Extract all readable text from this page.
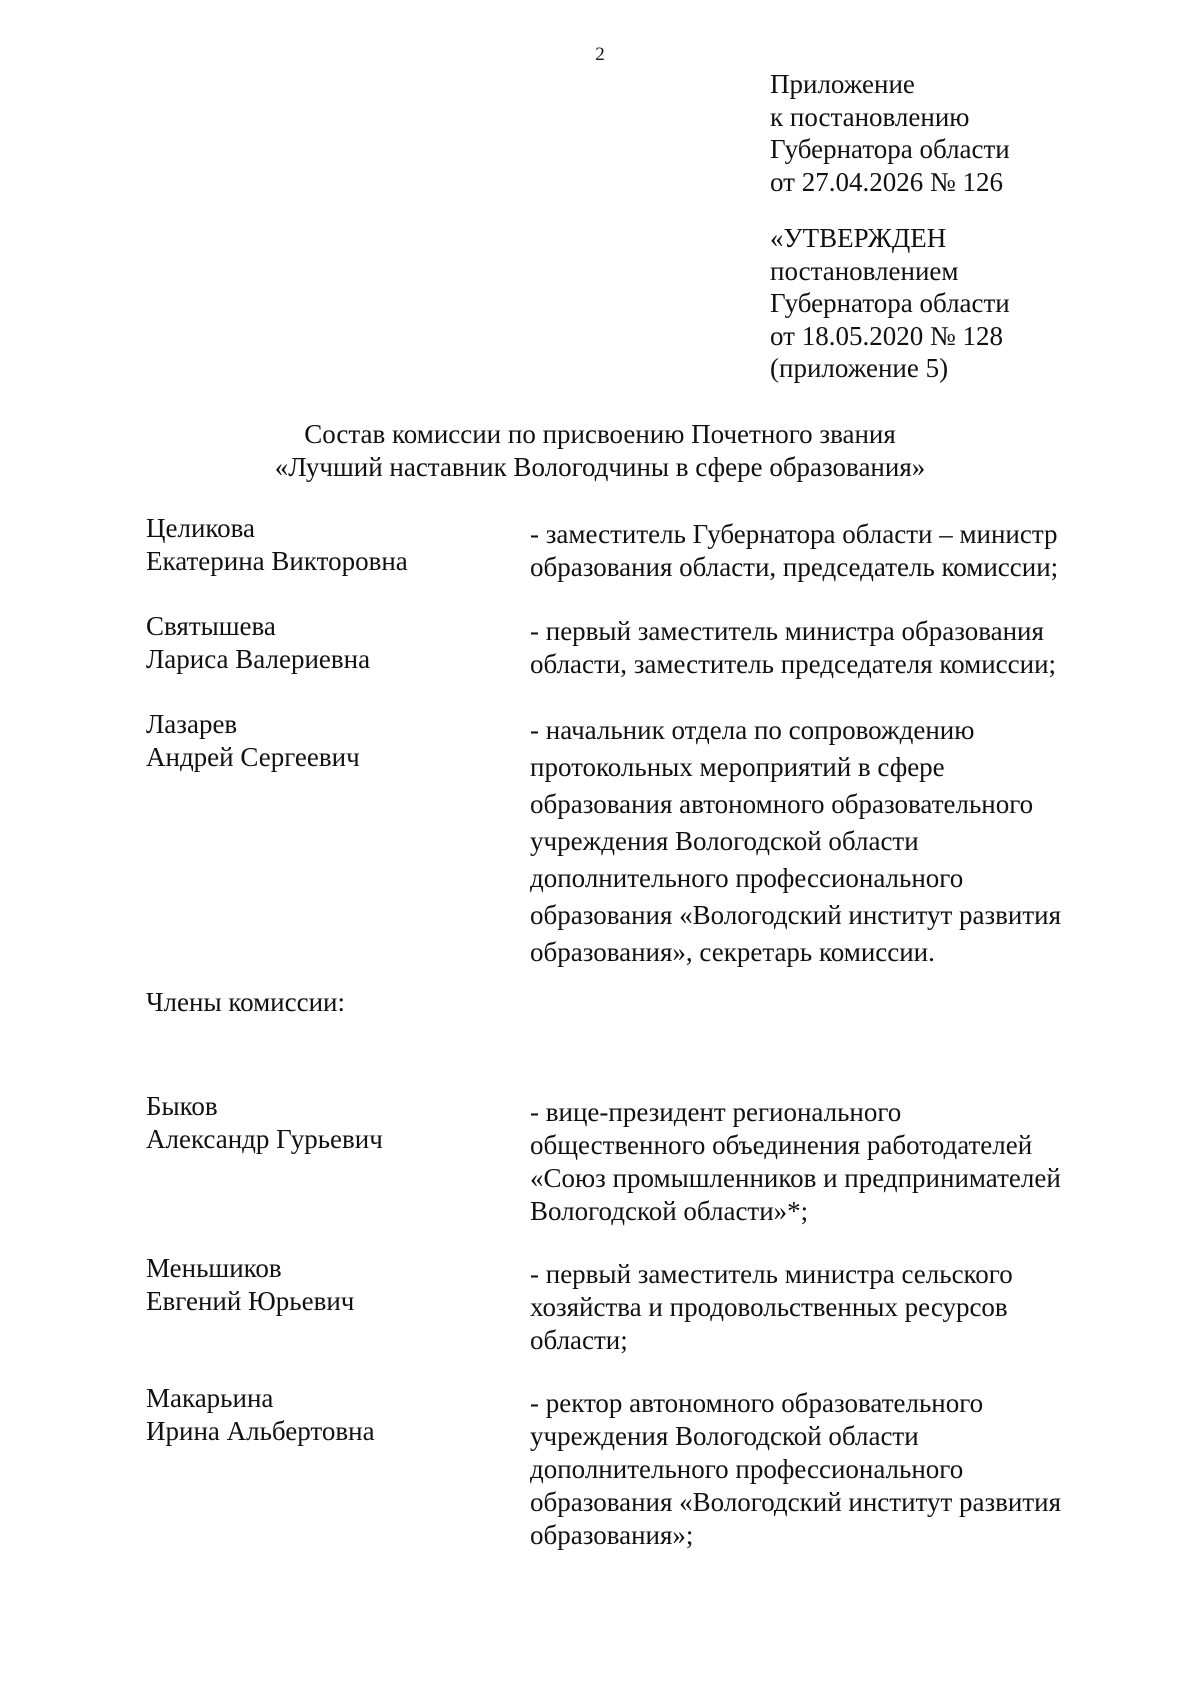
2
Приложение
к постановлению
Губернатора области
от 27.04.2026 № 126
«УТВЕРЖДЕН
постановлением
Губернатора области
от 18.05.2020 № 128
(приложение 5)
Состав комиссии по присвоению Почетного звания
«Лучший наставник Вологодчины в сфере образования»
Целикова
Екатерина Викторовна
- заместитель Губернатора области – министр
образования области, председатель комиссии;
Святышева
Лариса Валериевна
- первый заместитель министра образования
области, заместитель председателя комиссии;
Лазарев
Андрей Сергеевич
- начальник отдела по сопровождению
протокольных мероприятий в сфере
образования автономного образовательного
учреждения Вологодской области
дополнительного профессионального
образования «Вологодский институт развития
образования», секретарь комиссии.
Члены комиссии:
Быков
Александр Гурьевич
- вице-президент регионального
общественного объединения работодателей
«Союз промышленников и предпринимателей
Вологодской области»*;
Меньшиков
Евгений Юрьевич
- первый заместитель министра сельского
хозяйства и продовольственных ресурсов
области;
Макарьина
Ирина Альбертовна
- ректор автономного образовательного
учреждения Вологодской области
дополнительного профессионального
образования «Вологодский институт развития
образования»;
